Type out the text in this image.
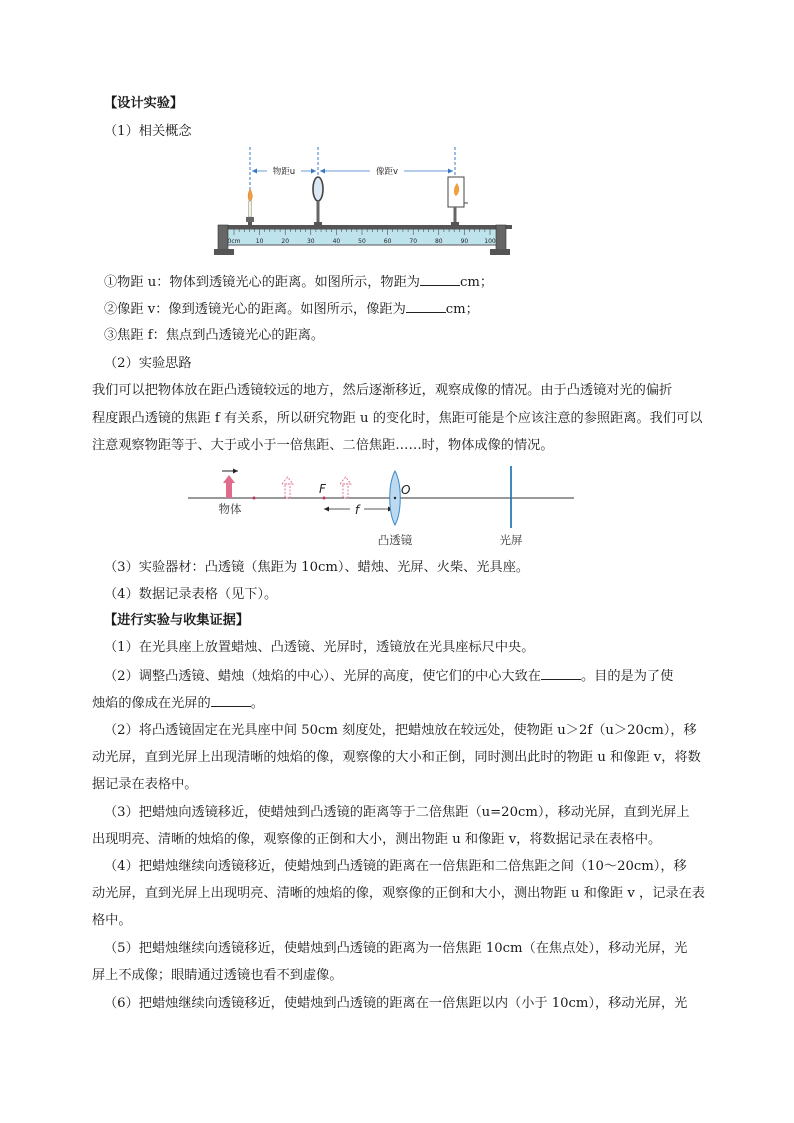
【设计实验】
（1）相关概念
物距u	像距v
0cm	10	20	30	40	50	60	70	80	90	100
①物距 u：物体到透镜光心的距离。如图所示，物距为	cm；
②像距 v：像到透镜光心的距离。如图所示，像距为	cm；
③焦距 f：焦点到凸透镜光心的距离。
（2）实验思路
我们可以把物体放在距凸透镜较远的地方，然后逐渐移近，观察成像的情况。由于凸透镜对光的偏折
程度跟凸透镜的焦距 f 有关系，所以研究物距 u 的变化时，焦距可能是个应该注意的参照距离。我们可以
注意观察物距等于、大于或小于一倍焦距、二倍焦距……时，物体成像的情况。
F
f
O
物体
凸透镜	光屏
（3）实验器材：凸透镜（焦距为 10cm）、蜡烛、光屏、火柴、光具座。
（4）数据记录表格（见下）。
【进行实验与收集证据】
（1）在光具座上放置蜡烛、凸透镜、光屏时，透镜放在光具座标尺中央。
（2）调整凸透镜、蜡烛（烛焰的中心）、光屏的高度，使它们的中心大致在	。目的是为了使
烛焰的像成在光屏的	。
（2）将凸透镜固定在光具座中间 50cm 刻度处，把蜡烛放在较远处，使物距 u＞2f（u＞20cm），移
动光屏，直到光屏上出现清晰的烛焰的像，观察像的大小和正倒，同时测出此时的物距 u 和像距 v，将数
据记录在表格中。
（3）把蜡烛向透镜移近，使蜡烛到凸透镜的距离等于二倍焦距（u=20cm），移动光屏，直到光屏上
出现明亮、清晰的烛焰的像，观察像的正倒和大小，测出物距 u 和像距 v，将数据记录在表格中。
（4）把蜡烛继续向透镜移近，使蜡烛到凸透镜的距离在一倍焦距和二倍焦距之间（10～20cm），移
动光屏，直到光屏上出现明亮、清晰的烛焰的像，观察像的正倒和大小，测出物距 u 和像距 v ，记录在表
格中。
（5）把蜡烛继续向透镜移近，使蜡烛到凸透镜的距离为一倍焦距 10cm（在焦点处），移动光屏，光
屏上不成像；眼睛通过透镜也看不到虚像。
（6）把蜡烛继续向透镜移近，使蜡烛到凸透镜的距离在一倍焦距以内（小于 10cm），移动光屏，光
